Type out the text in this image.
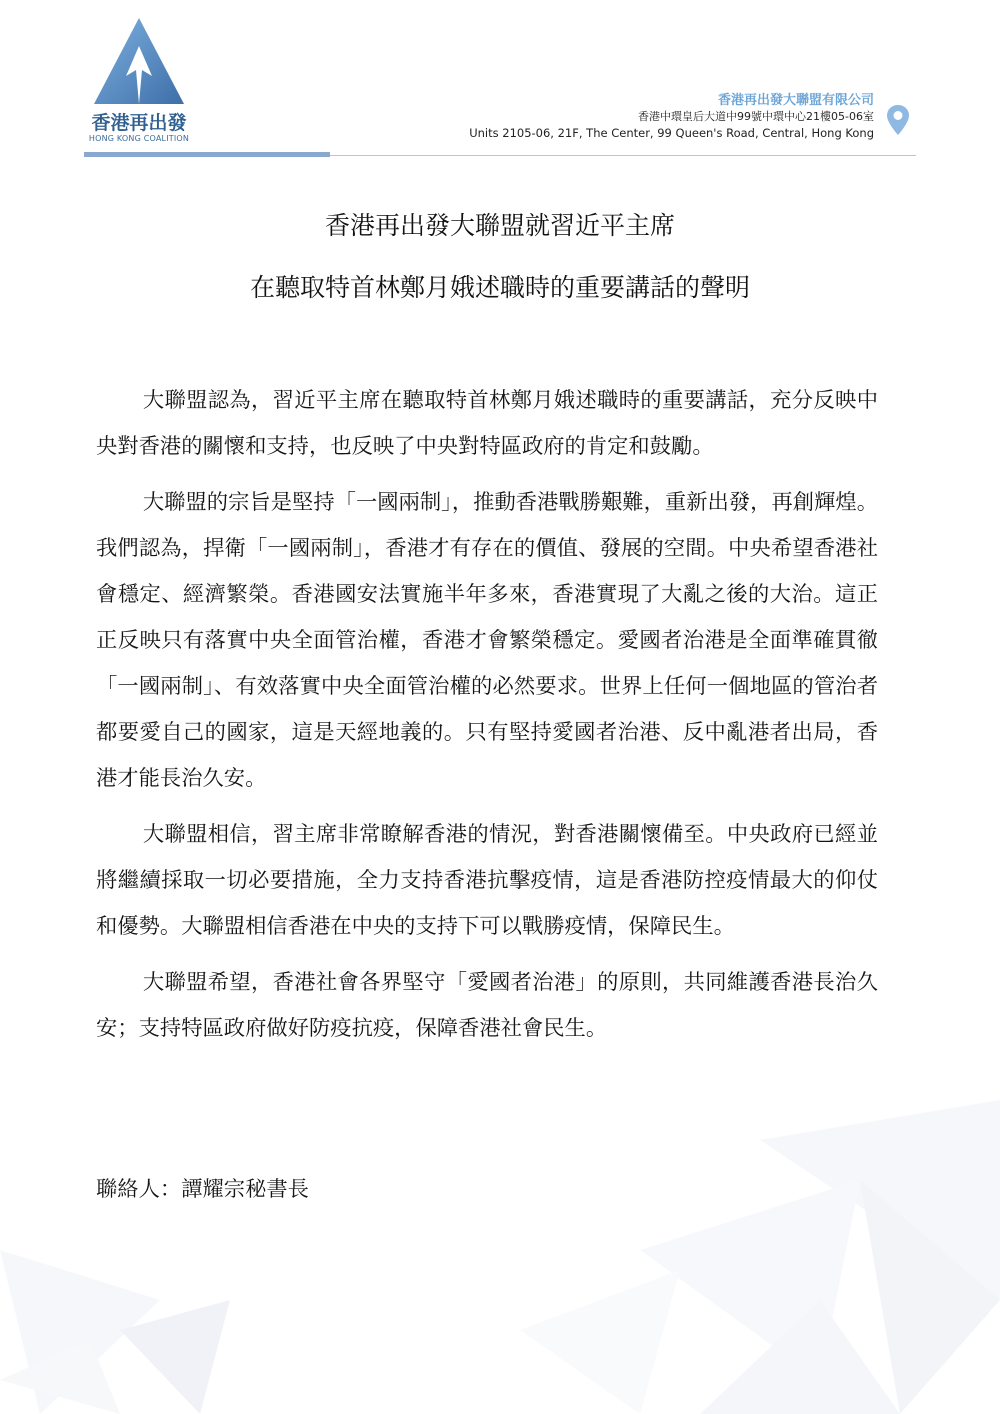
香港再出發
HONG KONG COALITION
香港再出發大聯盟有限公司
香港中環皇后大道中99號中環中心21樓05-06室
Units 2105-06, 21F, The Center, 99 Queen's Road, Central, Hong Kong
香港再出發大聯盟就習近平主席
在聽取特首林鄭月娥述職時的重要講話的聲明

大聯盟認為，習近平主席在聽取特首林鄭月娥述職時的重要講話，充分反映中央對香港的關懷和支持，也反映了中央對特區政府的肯定和鼓勵。

大聯盟的宗旨是堅持「一國兩制」，推動香港戰勝艱難，重新出發，再創輝煌。我們認為，捍衛「一國兩制」，香港才有存在的價值、發展的空間。中央希望香港社會穩定、經濟繁榮。香港國安法實施半年多來，香港實現了大亂之後的大治。這正正反映只有落實中央全面管治權，香港才會繁榮穩定。愛國者治港是全面準確貫徹「一國兩制」、有效落實中央全面管治權的必然要求。世界上任何一個地區的管治者都要愛自己的國家，這是天經地義的。只有堅持愛國者治港、反中亂港者出局，香港才能長治久安。

大聯盟相信，習主席非常瞭解香港的情況，對香港關懷備至。中央政府已經並將繼續採取一切必要措施，全力支持香港抗擊疫情，這是香港防控疫情最大的仰仗和優勢。大聯盟相信香港在中央的支持下可以戰勝疫情，保障民生。

大聯盟希望，香港社會各界堅守「愛國者治港」的原則，共同維護香港長治久安；支持特區政府做好防疫抗疫，保障香港社會民生。

聯絡人：譚耀宗秘書長
